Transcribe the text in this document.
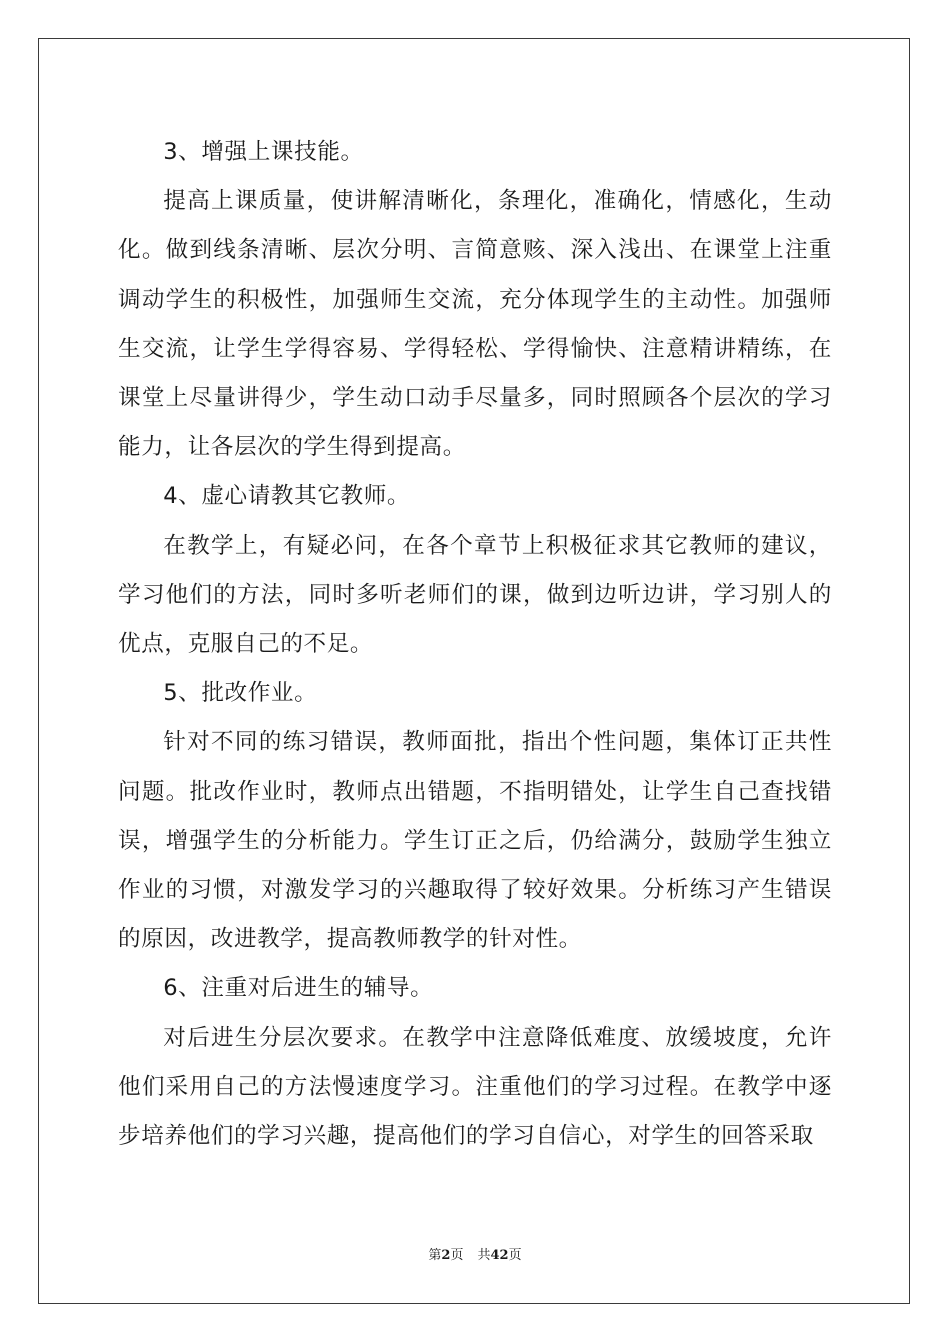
3、增强上课技能。

提高上课质量，使讲解清晰化，条理化，准确化，情感化，生动化。做到线条清晰、层次分明、言简意赅、深入浅出、在课堂上注重调动学生的积极性，加强师生交流，充分体现学生的主动性。加强师生交流，让学生学得容易、学得轻松、学得愉快、注意精讲精练，在课堂上尽量讲得少，学生动口动手尽量多，同时照顾各个层次的学习能力，让各层次的学生得到提高。

4、虚心请教其它教师。

在教学上，有疑必问，在各个章节上积极征求其它教师的建议，学习他们的方法，同时多听老师们的课，做到边听边讲，学习别人的优点，克服自己的不足。

5、批改作业。

针对不同的练习错误，教师面批，指出个性问题，集体订正共性问题。批改作业时，教师点出错题，不指明错处，让学生自己查找错误，增强学生的分析能力。学生订正之后，仍给满分，鼓励学生独立作业的习惯，对激发学习的兴趣取得了较好效果。分析练习产生错误的原因，改进教学，提高教师教学的针对性。

6、注重对后进生的辅导。

对后进生分层次要求。在教学中注意降低难度、放缓坡度，允许他们采用自己的方法慢速度学习。注重他们的学习过程。在教学中逐步培养他们的学习兴趣，提高他们的学习自信心，对学生的回答采取

第2页 共42页
